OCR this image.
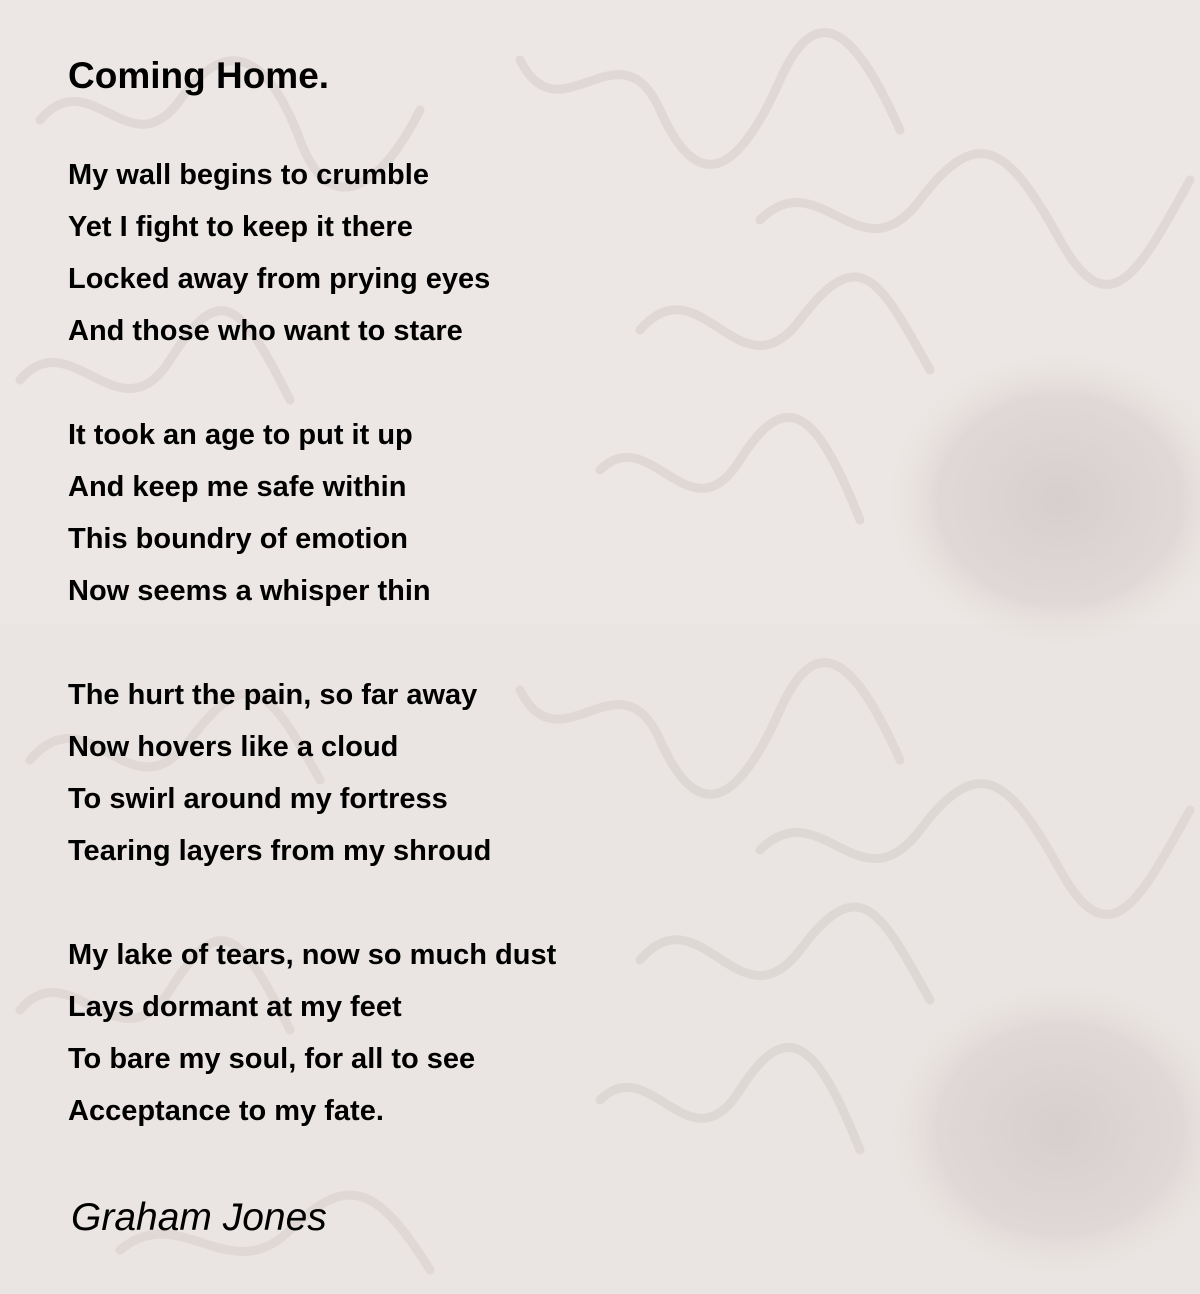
Coming Home.
My wall begins to crumble
Yet I fight to keep it there
Locked away from prying eyes
And those who want to stare
It took an age to put it up
And keep me safe within
This boundry of emotion
Now seems a whisper thin
The hurt the pain, so far away
Now hovers like a cloud
To swirl around my fortress
Tearing layers from my shroud
My lake of tears, now so much dust
Lays dormant at my feet
To bare my soul, for all to see
Acceptance to my fate.

Graham Jones
